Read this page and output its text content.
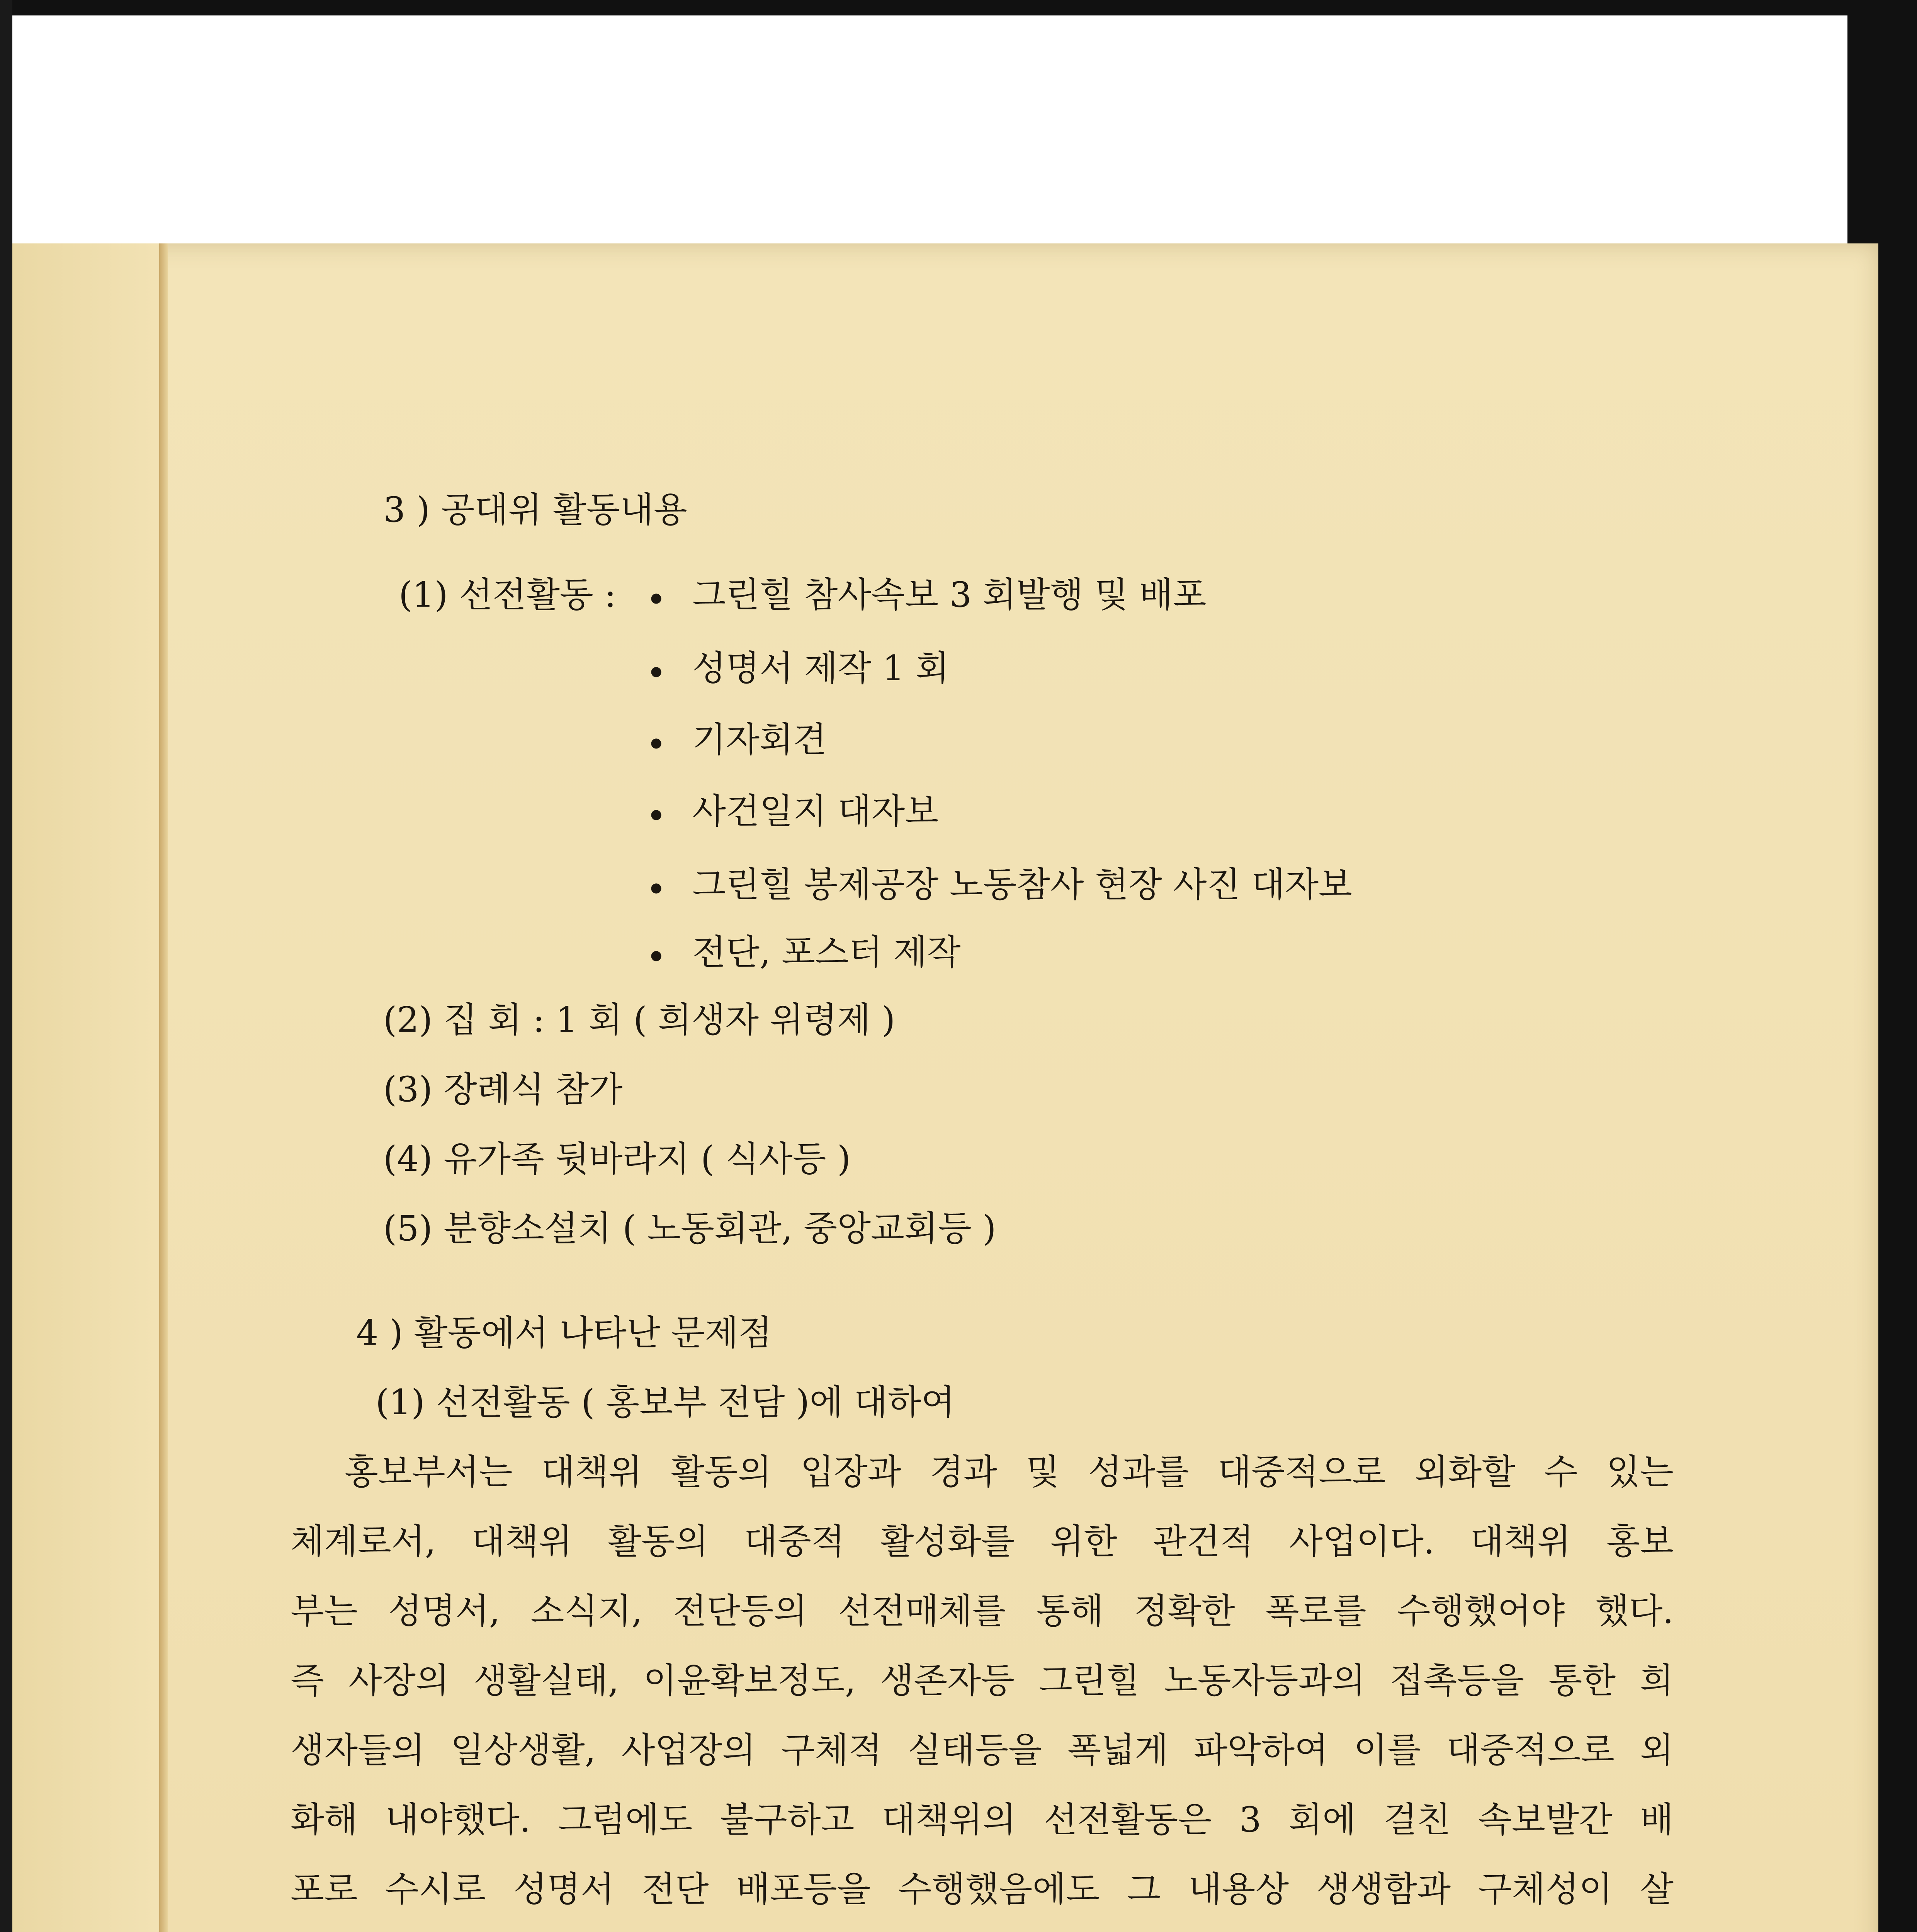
3 ) 공대위 활동내용

(1) 선전활동 : • 그린힐 참사속보 3 회발행 및 배포

• 성명서 제작 1 회

• 기자회견

• 사건일지 대자보

• 그린힐 봉제공장 노동참사 현장 사진 대자보

• 전단, 포스터 제작

(2) 집 회 : 1 회 ( 희생자 위령제 )

(3) 장례식 참가

(4) 유가족 뒷바라지 ( 식사등 )

(5) 분향소설치 ( 노동회관, 중앙교회등 )

4 ) 활동에서 나타난 문제점

(1) 선전활동 ( 홍보부 전담 )에 대하여

홍보부서는 대책위 활동의 입장과 경과 및 성과를 대중적으로 외화할 수 있는

체계로서, 대책위 활동의 대중적 활성화를 위한 관건적 사업이다. 대책위 홍보

부는 성명서, 소식지, 전단등의 선전매체를 통해 정확한 폭로를 수행했어야 했다.

즉 사장의 생활실태, 이윤확보정도, 생존자등 그린힐 노동자등과의 접촉등을 통한 희

생자들의 일상생활, 사업장의 구체적 실태등을 폭넓게 파악하여 이를 대중적으로 외

화해 내야했다. 그럼에도 불구하고 대책위의 선전활동은 3 회에 걸친 속보발간 배

포로 수시로 성명서 전단 배포등을 수행했음에도 그 내용상 생생함과 구체성이 살
